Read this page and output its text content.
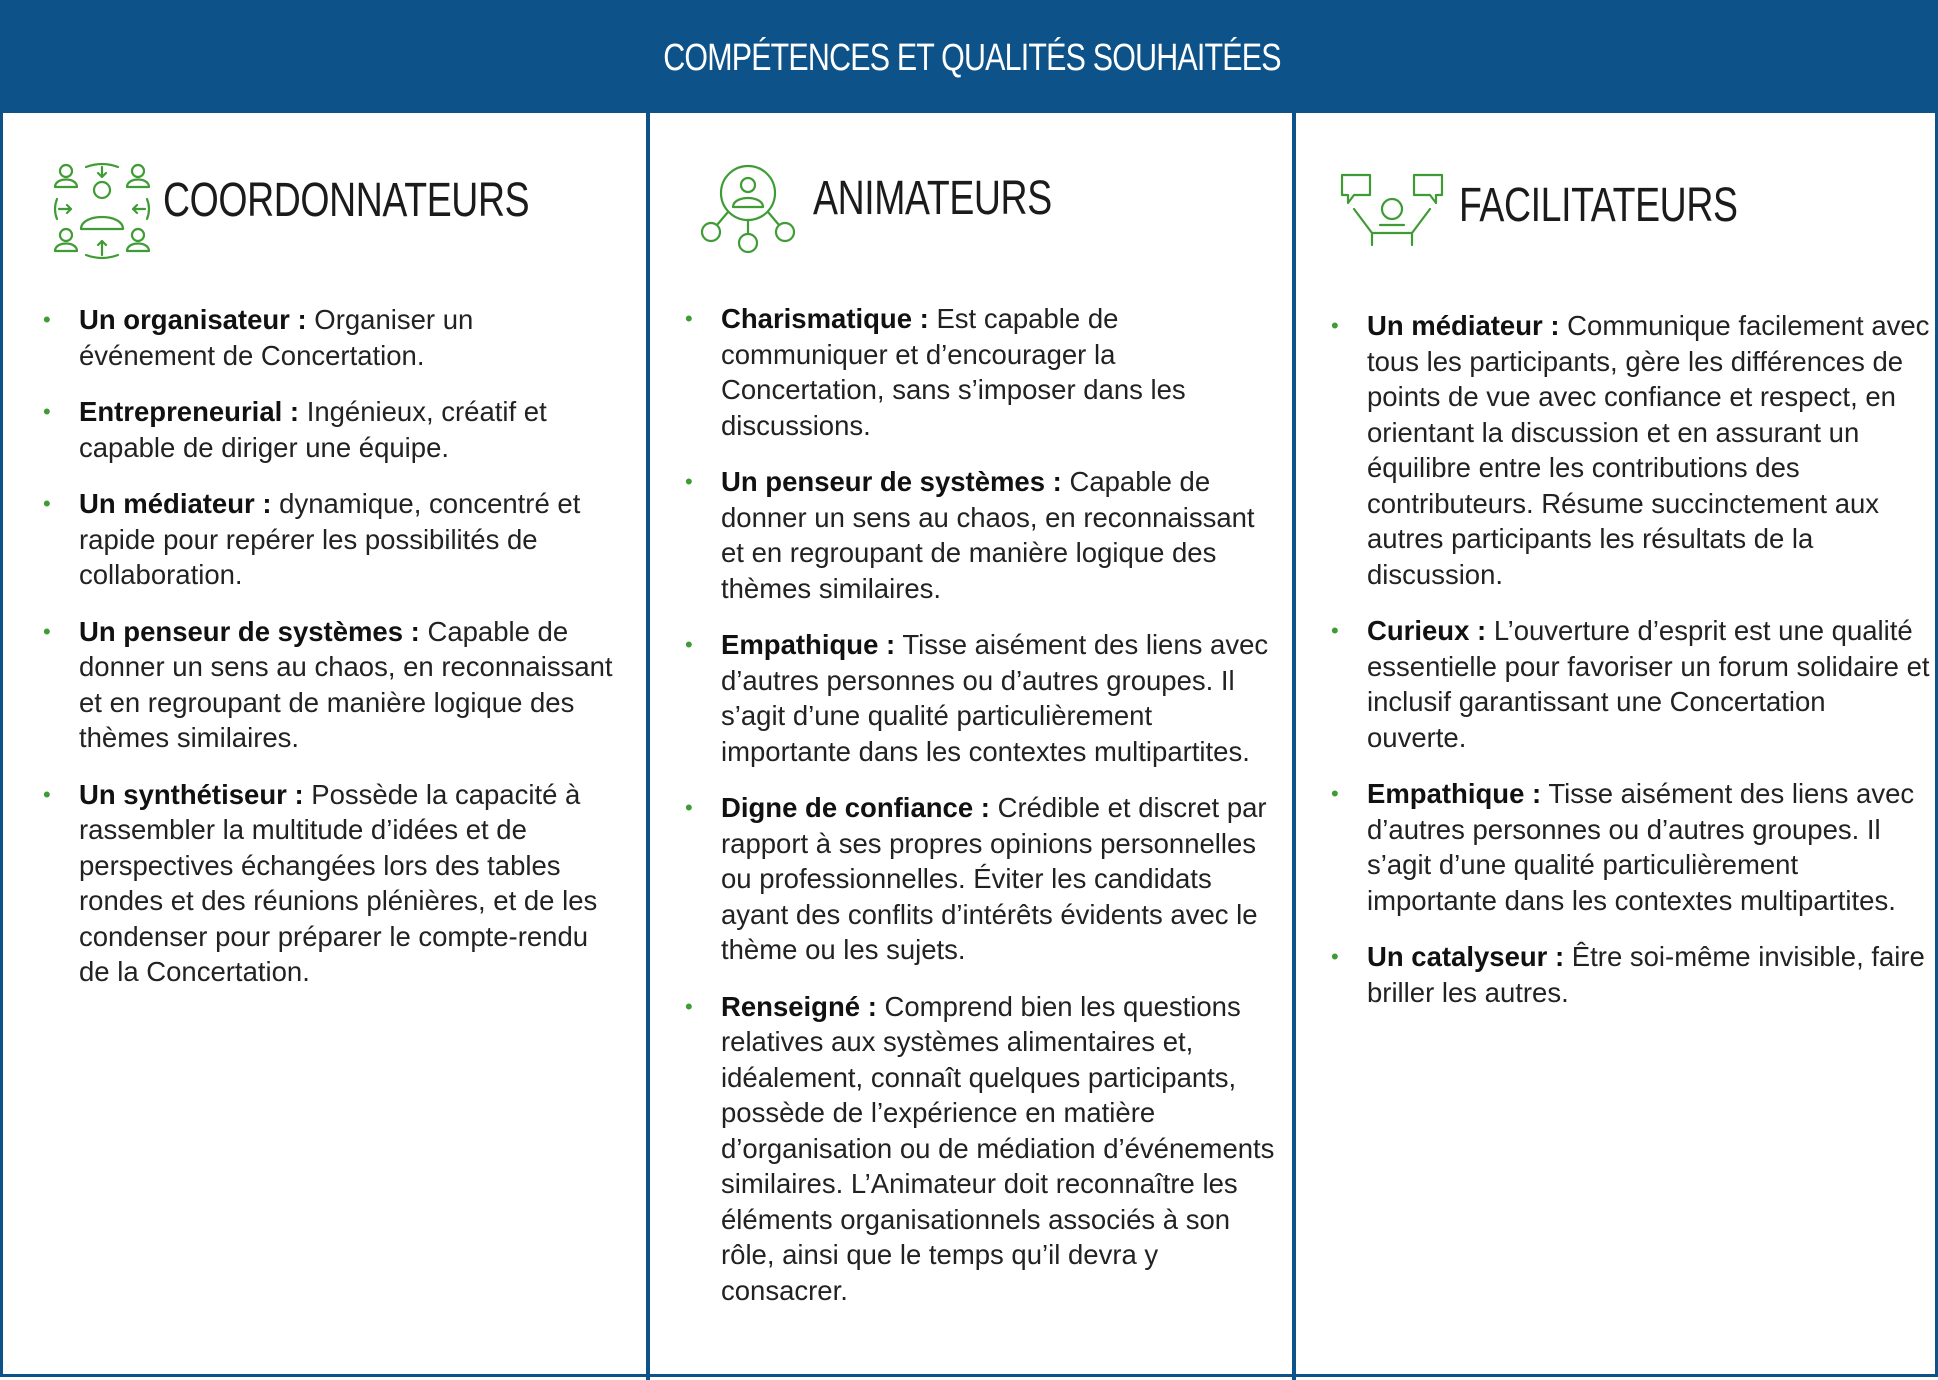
COMPÉTENCES ET QUALITÉS SOUHAITÉES
COORDONNATEURS
• Un organisateur : Organiser un événement de Concertation.
• Entrepreneurial : Ingénieux, créatif et capable de diriger une équipe.
• Un médiateur : dynamique, concentré et rapide pour repérer les possibilités de collaboration.
• Un penseur de systèmes : Capable de donner un sens au chaos, en reconnaissant et en regroupant de manière logique des thèmes similaires.
• Un synthétiseur : Possède la capacité à rassembler la multitude d’idées et de perspectives échangées lors des tables rondes et des réunions plénières, et de les condenser pour préparer le compte-rendu de la Concertation.
ANIMATEURS
• Charismatique : Est capable de communiquer et d’encourager la Concertation, sans s’imposer dans les discussions.
• Un penseur de systèmes : Capable de donner un sens au chaos, en reconnaissant et en regroupant de manière logique des thèmes similaires.
• Empathique : Tisse aisément des liens avec d’autres personnes ou d’autres groupes. Il s’agit d’une qualité particulièrement importante dans les contextes multipartites.
• Digne de confiance : Crédible et discret par rapport à ses propres opinions personnelles ou professionnelles. Éviter les candidats ayant des conflits d’intérêts évidents avec le thème ou les sujets.
• Renseigné : Comprend bien les questions relatives aux systèmes alimentaires et, idéalement, connaît quelques participants, possède de l’expérience en matière d’organisation ou de médiation d’événements similaires. L’Animateur doit reconnaître les éléments organisationnels associés à son rôle, ainsi que le temps qu’il devra y consacrer.
FACILITATEURS
• Un médiateur : Communique facilement avec tous les participants, gère les différences de points de vue avec confiance et respect, en orientant la discussion et en assurant un équilibre entre les contributions des contributeurs. Résume succinctement aux autres participants les résultats de la discussion.
• Curieux : L’ouverture d’esprit est une qualité essentielle pour favoriser un forum solidaire et inclusif garantissant une Concertation ouverte.
• Empathique : Tisse aisément des liens avec d’autres personnes ou d’autres groupes. Il s’agit d’une qualité particulièrement importante dans les contextes multipartites.
• Un catalyseur : Être soi-même invisible, faire briller les autres.
